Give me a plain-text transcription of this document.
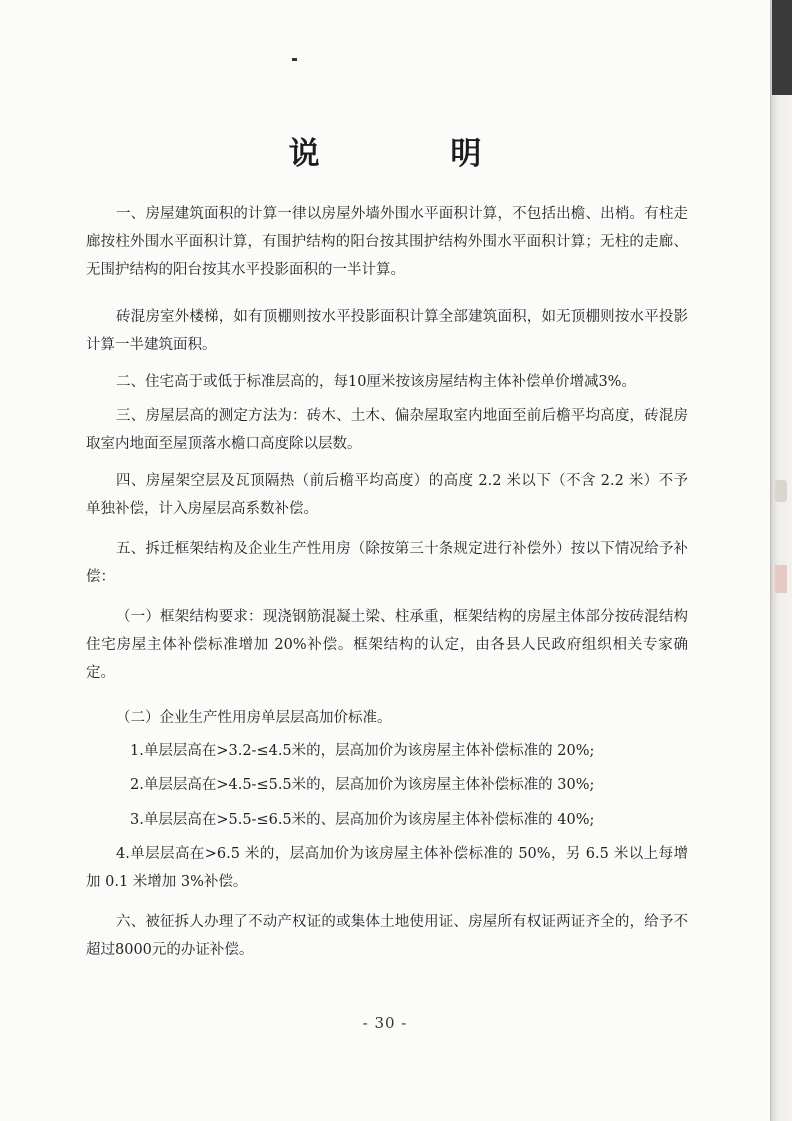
说 明

一、房屋建筑面积的计算一律以房屋外墙外围水平面积计算，不包括出檐、出梢。有柱走廊按柱外围水平面积计算，有围护结构的阳台按其围护结构外围水平面积计算；无柱的走廊、无围护结构的阳台按其水平投影面积的一半计算。

砖混房室外楼梯，如有顶棚则按水平投影面积计算全部建筑面积，如无顶棚则按水平投影计算一半建筑面积。

二、住宅高于或低于标准层高的，每10厘米按该房屋结构主体补偿单价增减3%。

三、房屋层高的测定方法为：砖木、土木、偏杂屋取室内地面至前后檐平均高度，砖混房取室内地面至屋顶落水檐口高度除以层数。

四、房屋架空层及瓦顶隔热（前后檐平均高度）的高度 2.2 米以下（不含 2.2 米）不予单独补偿，计入房屋层高系数补偿。

五、拆迁框架结构及企业生产性用房（除按第三十条规定进行补偿外）按以下情况给予补偿：

（一）框架结构要求：现浇钢筋混凝土梁、柱承重，框架结构的房屋主体部分按砖混结构住宅房屋主体补偿标准增加 20%补偿。框架结构的认定，由各县人民政府组织相关专家确定。

（二）企业生产性用房单层层高加价标准。

1.单层层高在>3.2-≤4.5米的，层高加价为该房屋主体补偿标准的 20%;

2.单层层高在>4.5-≤5.5米的，层高加价为该房屋主体补偿标准的 30%;

3.单层层高在>5.5-≤6.5米的、层高加价为该房屋主体补偿标准的 40%;

4.单层层高在>6.5 米的，层高加价为该房屋主体补偿标准的 50%，另 6.5 米以上每增加 0.1 米增加 3%补偿。

六、被征拆人办理了不动产权证的或集体土地使用证、房屋所有权证两证齐全的，给予不超过8000元的办证补偿。

- 30 -
